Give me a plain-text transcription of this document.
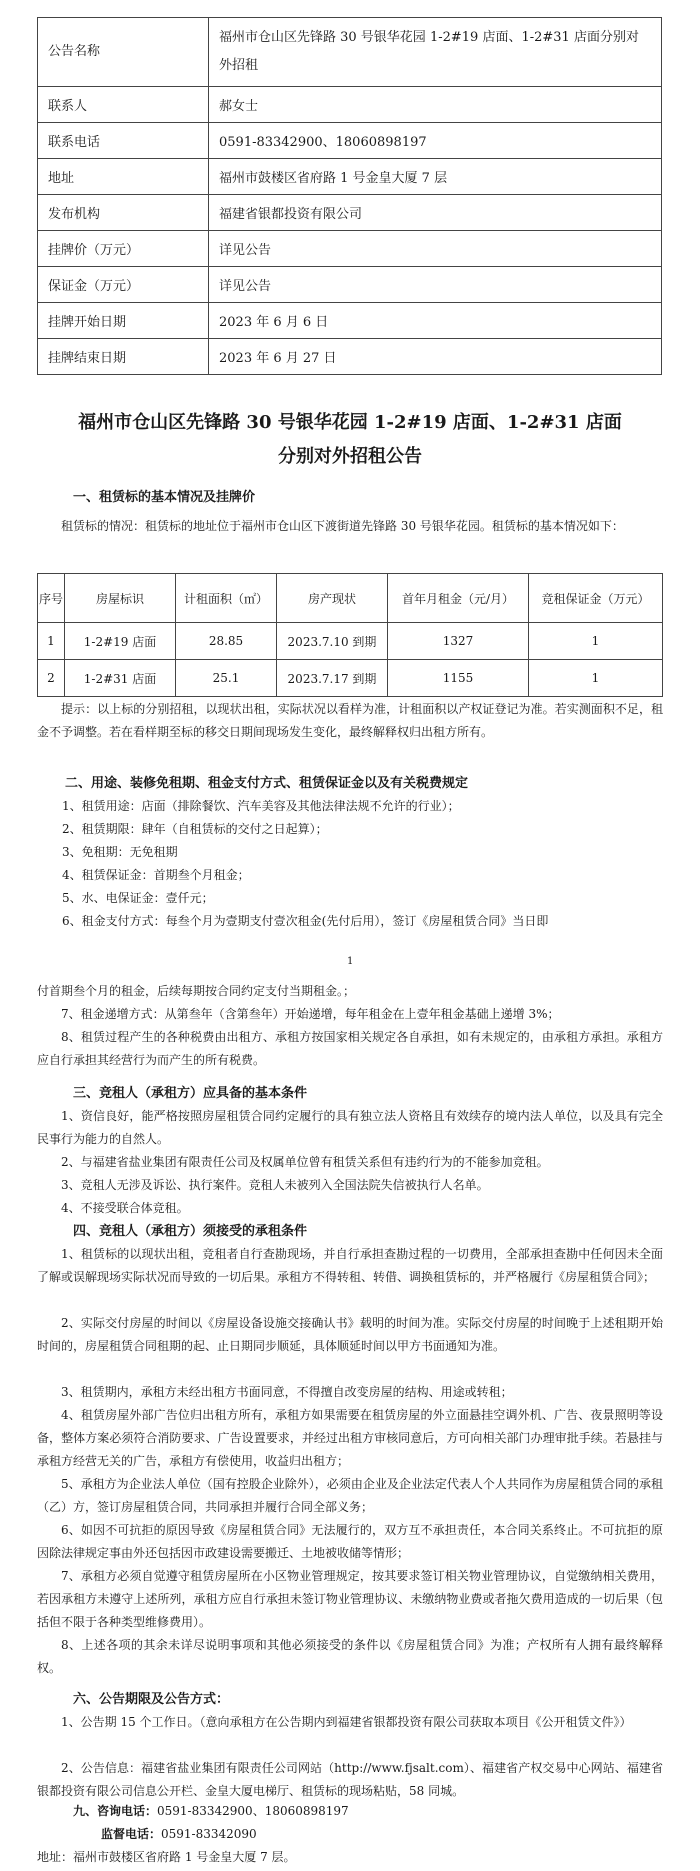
公告名称	福州市仓山区先锋路 30 号银华花园 1-2#19 店面、1-2#31 店面分别对外招租
联系人	郝女士
联系电话	0591-83342900、18060898197
地址	福州市鼓楼区省府路 1 号金皇大厦 7 层
发布机构	福建省银都投资有限公司
挂牌价（万元）	详见公告
保证金（万元）	详见公告
挂牌开始日期	2023 年 6 月 6 日
挂牌结束日期	2023 年 6 月 27 日
福州市仓山区先锋路 30 号银华花园 1-2#19 店面、1-2#31 店面
分别对外招租公告
一、租赁标的基本情况及挂牌价
租赁标的情况：租赁标的地址位于福州市仓山区下渡街道先锋路 30 号银华花园。租赁标的基本情况如下：
序号	房屋标识	计租面积（㎡）	房产现状	首年月租金（元/月）	竞租保证金（万元）
1	1-2#19 店面	28.85	2023.7.10 到期	1327	1
2	1-2#31 店面	25.1	2023.7.17 到期	1155	1
提示：以上标的分别招租，以现状出租，实际状况以看样为准，计租面积以产权证登记为准。若实测面积不足，租金不予调整。若在看样期至标的移交日期间现场发生变化，最终解释权归出租方所有。
二、用途、装修免租期、租金支付方式、租赁保证金以及有关税费规定
1、租赁用途：店面（排除餐饮、汽车美容及其他法律法规不允许的行业）；
2、租赁期限：肆年（自租赁标的交付之日起算）；
3、免租期：无免租期
4、租赁保证金：首期叁个月租金；
5、水、电保证金：壹仟元；
6、租金支付方式：每叁个月为壹期支付壹次租金(先付后用），签订《房屋租赁合同》当日即
1
付首期叁个月的租金，后续每期按合同约定支付当期租金。；
7、租金递增方式：从第叁年（含第叁年）开始递增，每年租金在上壹年租金基础上递增 3%；
8、租赁过程产生的各种税费由出租方、承租方按国家相关规定各自承担，如有未规定的，由承租方承担。承租方应自行承担其经营行为而产生的所有税费。
三、竞租人（承租方）应具备的基本条件
1、资信良好，能严格按照房屋租赁合同约定履行的具有独立法人资格且有效续存的境内法人单位，以及具有完全民事行为能力的自然人。
2、与福建省盐业集团有限责任公司及权属单位曾有租赁关系但有违约行为的不能参加竞租。
3、竞租人无涉及诉讼、执行案件。竞租人未被列入全国法院失信被执行人名单。
4、不接受联合体竞租。
四、竞租人（承租方）须接受的承租条件
1、租赁标的以现状出租，竞租者自行查勘现场，并自行承担查勘过程的一切费用，全部承担查勘中任何因未全面了解或误解现场实际状况而导致的一切后果。承租方不得转租、转借、调换租赁标的，并严格履行《房屋租赁合同》；
2、实际交付房屋的时间以《房屋设备设施交接确认书》载明的时间为准。实际交付房屋的时间晚于上述租期开始时间的，房屋租赁合同租期的起、止日期同步顺延，具体顺延时间以甲方书面通知为准。
3、租赁期内，承租方未经出租方书面同意，不得擅自改变房屋的结构、用途或转租；
4、租赁房屋外部广告位归出租方所有，承租方如果需要在租赁房屋的外立面悬挂空调外机、广告、夜景照明等设备，整体方案必须符合消防要求、广告设置要求，并经过出租方审核同意后，方可向相关部门办理审批手续。若悬挂与承租方经营无关的广告，承租方有偿使用，收益归出租方；
5、承租方为企业法人单位（国有控股企业除外），必须由企业及企业法定代表人个人共同作为房屋租赁合同的承租（乙）方，签订房屋租赁合同，共同承担并履行合同全部义务；
6、如因不可抗拒的原因导致《房屋租赁合同》无法履行的，双方互不承担责任，本合同关系终止。不可抗拒的原因除法律规定事由外还包括因市政建设需要搬迁、土地被收储等情形；
7、承租方必须自觉遵守租赁房屋所在小区物业管理规定，按其要求签订相关物业管理协议，自觉缴纳相关费用，若因承租方未遵守上述所列，承租方应自行承担未签订物业管理协议、未缴纳物业费或者拖欠费用造成的一切后果（包括但不限于各种类型维修费用）。
8、上述各项的其余未详尽说明事项和其他必须接受的条件以《房屋租赁合同》为准；产权所有人拥有最终解释权。
六、公告期限及公告方式：
1、公告期 15 个工作日。（意向承租方在公告期内到福建省银都投资有限公司获取本项目《公开租赁文件》）
2、公告信息：福建省盐业集团有限责任公司网站（http://www.fjsalt.com）、福建省产权交易中心网站、福建省银都投资有限公司信息公开栏、金皇大厦电梯厅、租赁标的现场粘贴，58 同城。
九、咨询电话：0591-83342900、18060898197
监督电话：0591-83342090
地址：福州市鼓楼区省府路 1 号金皇大厦 7 层。
